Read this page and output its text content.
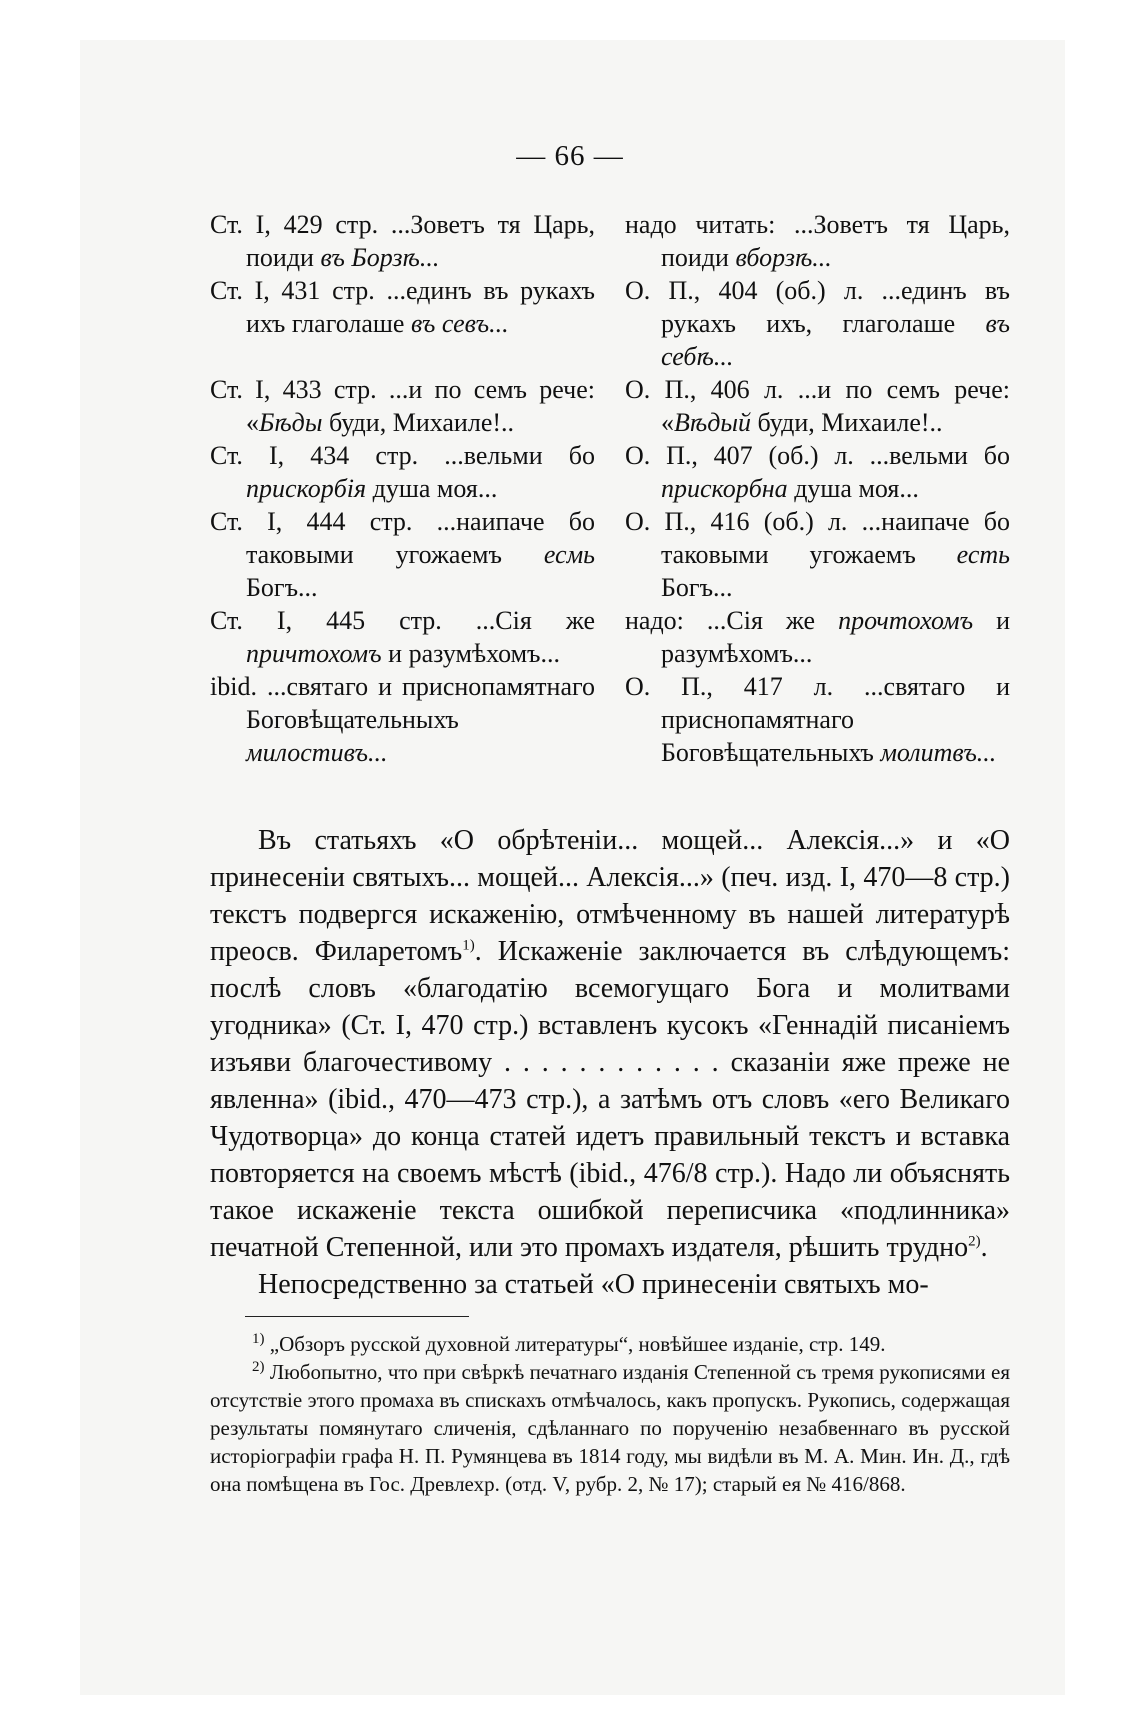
— 66 —
Ст. I, 429 стр. ...Зоветъ тя Царь, поиди въ Борзѣ...
надо читать: ...Зоветъ тя Царь, поиди вборзѣ...
Ст. I, 431 стр. ...единъ въ рукахъ ихъ глаголаше въ севъ...
О. П., 404 (об.) л. ...единъ въ рукахъ ихъ, глаголаше въ себѣ...
Ст. I, 433 стр. ...и по семъ рече: «Бѣды буди, Михаиле!..
О. П., 406 л. ...и по семъ рече: «Вѣдый буди, Михаиле!..
Ст. I, 434 стр. ...вельми бо прискорбія душа моя...
О. П., 407 (об.) л. ...вельми бо прискорбна душа моя...
Ст. I, 444 стр. ...наипаче бо таковыми угожаемъ есмь Богъ...
О. П., 416 (об.) л. ...наипаче бо таковыми угожаемъ есть Богъ...
Ст. I, 445 стр. ...Сія же причтохомъ и разумѣхомъ...
надо: ...Сія же прочтохомъ и разумѣхомъ...
ibid. ...святаго и приснопамятнаго Боговѣщательныхъ милостивъ...
О. П., 417 л. ...святаго и приснопамятнаго Боговѣщательныхъ молитвъ...

Въ статьяхъ «О обрѣтеніи... мощей... Алексія...» и «О принесеніи святыхъ... мощей... Алексія...» (печ. изд. I, 470—8 стр.) текстъ подвергся искаженію, отмѣченному въ нашей литературѣ преосв. Филаретомъ$^{1)}$. Искаженіе заключается въ слѣдующемъ: послѣ словъ «благодатію всемогущаго Бога и молитвами угодника» (Ст. I, 470 стр.) вставленъ кусокъ «Геннадій писаніемъ изъяви благочестивому . . . . . . . . . . . . сказаніи яже преже не явленна» (ibid., 470—473 стр.), а затѣмъ отъ словъ «его Великаго Чудотворца» до конца статей идетъ правильный текстъ и вставка повторяется на своемъ мѣстѣ (ibid., 476/8 стр.). Надо ли объяснять такое искаженіе текста ошибкой переписчика «подлинника» печатной Степенной, или это промахъ издателя, рѣшить трудно$^{2)}$.

Непосредственно за статьей «О принесеніи святыхъ мо-

$^{1)}$ „Обзоръ русской духовной литературы“, новѣйшее изданіе, стр. 149.

$^{2)}$ Любопытно, что при свѣркѣ печатнаго изданія Степенной съ тремя рукописями ея отсутствіе этого промаха въ спискахъ отмѣчалось, какъ пропускъ. Рукопись, содержащая результаты помянутаго сличенія, сдѣланнаго по порученію незабвеннаго въ русской исторіографіи графа Н. П. Румянцева въ 1814 году, мы видѣли въ М. А. Мин. Ин. Д., гдѣ она помѣщена въ Гос. Древлехр. (отд. V, рубр. 2, № 17); старый ея № 416/868.
